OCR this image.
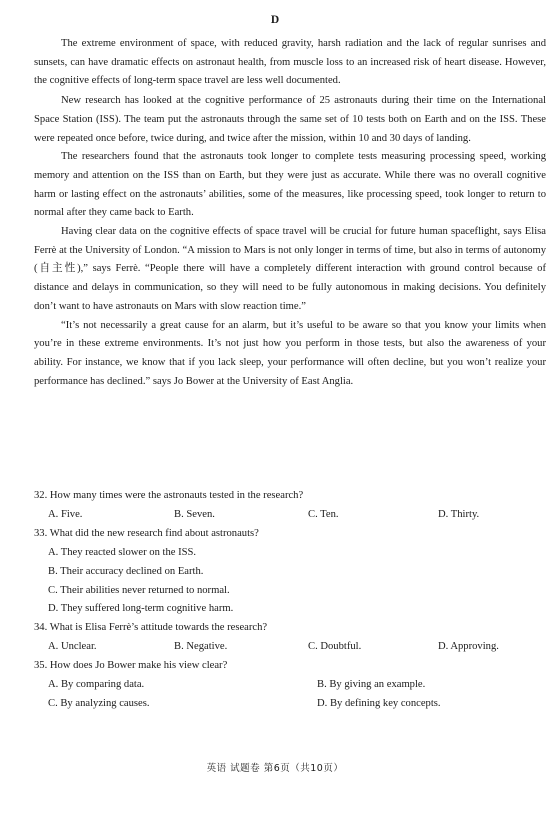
D

The extreme environment of space, with reduced gravity, harsh radiation and the lack of regular sunrises and sunsets, can have dramatic effects on astronaut health, from muscle loss to an increased risk of heart disease. However, the cognitive effects of long-term space travel are less well documented.

New research has looked at the cognitive performance of 25 astronauts during their time on the International Space Station (ISS). The team put the astronauts through the same set of 10 tests both on Earth and on the ISS. These were repeated once before, twice during, and twice after the mission, within 10 and 30 days of landing.

The researchers found that the astronauts took longer to complete tests measuring processing speed, working memory and attention on the ISS than on Earth, but they were just as accurate. While there was no overall cognitive harm or lasting effect on the astronauts’ abilities, some of the measures, like processing speed, took longer to return to normal after they came back to Earth.

Having clear data on the cognitive effects of space travel will be crucial for future human spaceflight, says Elisa Ferrè at the University of London. “A mission to Mars is not only longer in terms of time, but also in terms of autonomy (自主性),” says Ferrè. “People there will have a completely different interaction with ground control because of distance and delays in communication, so they will need to be fully autonomous in making decisions. You definitely don’t want to have astronauts on Mars with slow reaction time.”

“It’s not necessarily a great cause for an alarm, but it’s useful to be aware so that you know your limits when you’re in these extreme environments. It’s not just how you perform in those tests, but also the awareness of your ability. For instance, we know that if you lack sleep, your performance will often decline, but you won’t realize your performance has declined.” says Jo Bower at the University of East Anglia.

32. How many times were the astronauts tested in the research?
A. Five.	B. Seven.	C. Ten.	D. Thirty.
33. What did the new research find about astronauts?
A. They reacted slower on the ISS.
B. Their accuracy declined on Earth.
C. Their abilities never returned to normal.
D. They suffered long-term cognitive harm.
34. What is Elisa Ferrè’s attitude towards the research?
A. Unclear.	B. Negative.	C. Doubtful.	D. Approving.
35. How does Jo Bower make his view clear?
A. By comparing data.	B. By giving an example.
C. By analyzing causes.	D. By defining key concepts.
英语 试题卷 第6页（共10页）
